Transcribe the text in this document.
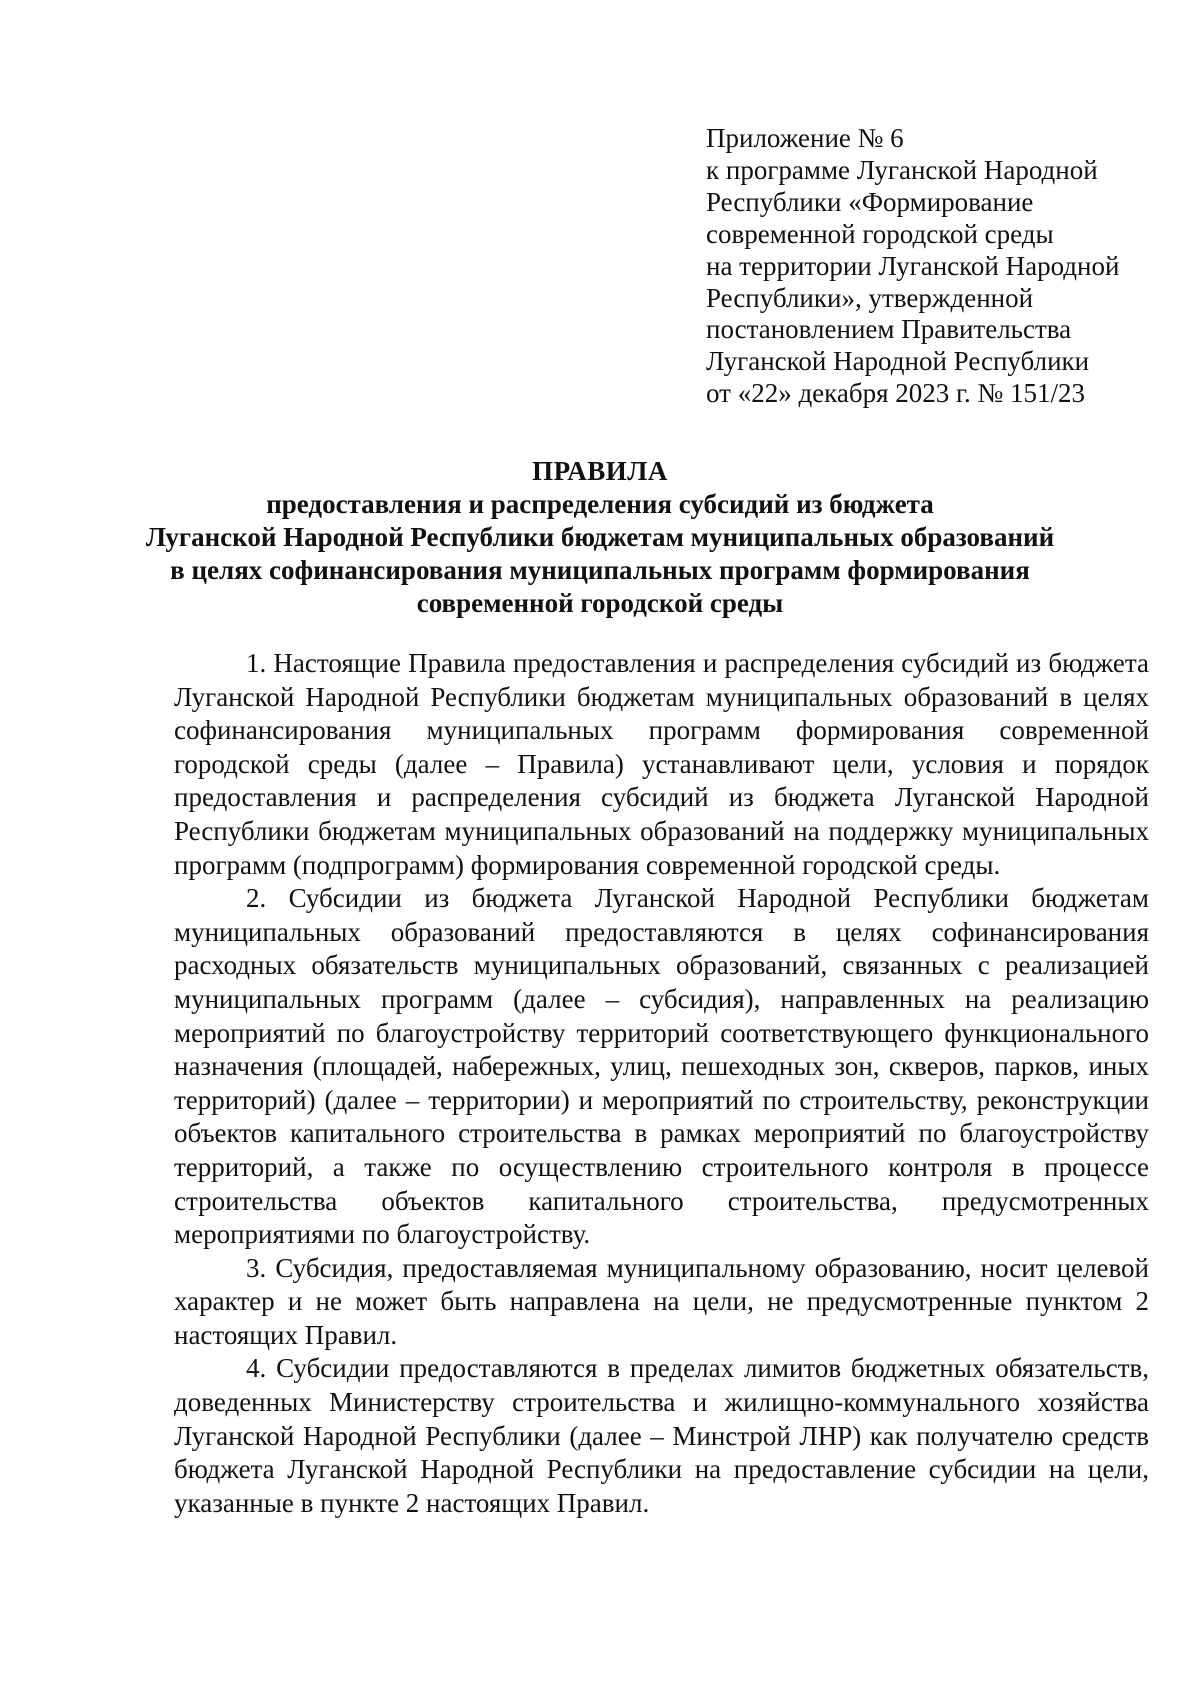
Приложение № 6
к программе Луганской Народной
Республики «Формирование
современной городской среды
на территории Луганской Народной
Республики», утвержденной
постановлением Правительства
Луганской Народной Республики
от «22» декабря 2023 г. № 151/23
ПРАВИЛА
предоставления и распределения субсидий из бюджета
Луганской Народной Республики бюджетам муниципальных образований
в целях софинансирования муниципальных программ формирования
современной городской среды

1. Настоящие Правила предоставления и распределения субсидий из бюджета Луганской Народной Республики бюджетам муниципальных образований в целях софинансирования муниципальных программ формирования современной городской среды (далее – Правила) устанавливают цели, условия и порядок предоставления и распределения субсидий из бюджета Луганской Народной Республики бюджетам муниципальных образований на поддержку муниципальных программ (подпрограмм) формирования современной городской среды.

2. Субсидии из бюджета Луганской Народной Республики бюджетам муниципальных образований предоставляются в целях софинансирования расходных обязательств муниципальных образований, связанных с реализацией муниципальных программ (далее – субсидия), направленных на реализацию мероприятий по благоустройству территорий соответствующего функционального назначения (площадей, набережных, улиц, пешеходных зон, скверов, парков, иных территорий) (далее – территории) и мероприятий по строительству, реконструкции объектов капитального строительства в рамках мероприятий по благоустройству территорий, а также по осуществлению строительного контроля в процессе строительства объектов капитального строительства, предусмотренных мероприятиями по благоустройству.

3. Субсидия, предоставляемая муниципальному образованию, носит целевой характер и не может быть направлена на цели, не предусмотренные пунктом 2 настоящих Правил.

4. Субсидии предоставляются в пределах лимитов бюджетных обязательств, доведенных Министерству строительства и жилищно-коммунального хозяйства Луганской Народной Республики (далее – Минстрой ЛНР) как получателю средств бюджета Луганской Народной Республики на предоставление субсидии на цели, указанные в пункте 2 настоящих Правил.
